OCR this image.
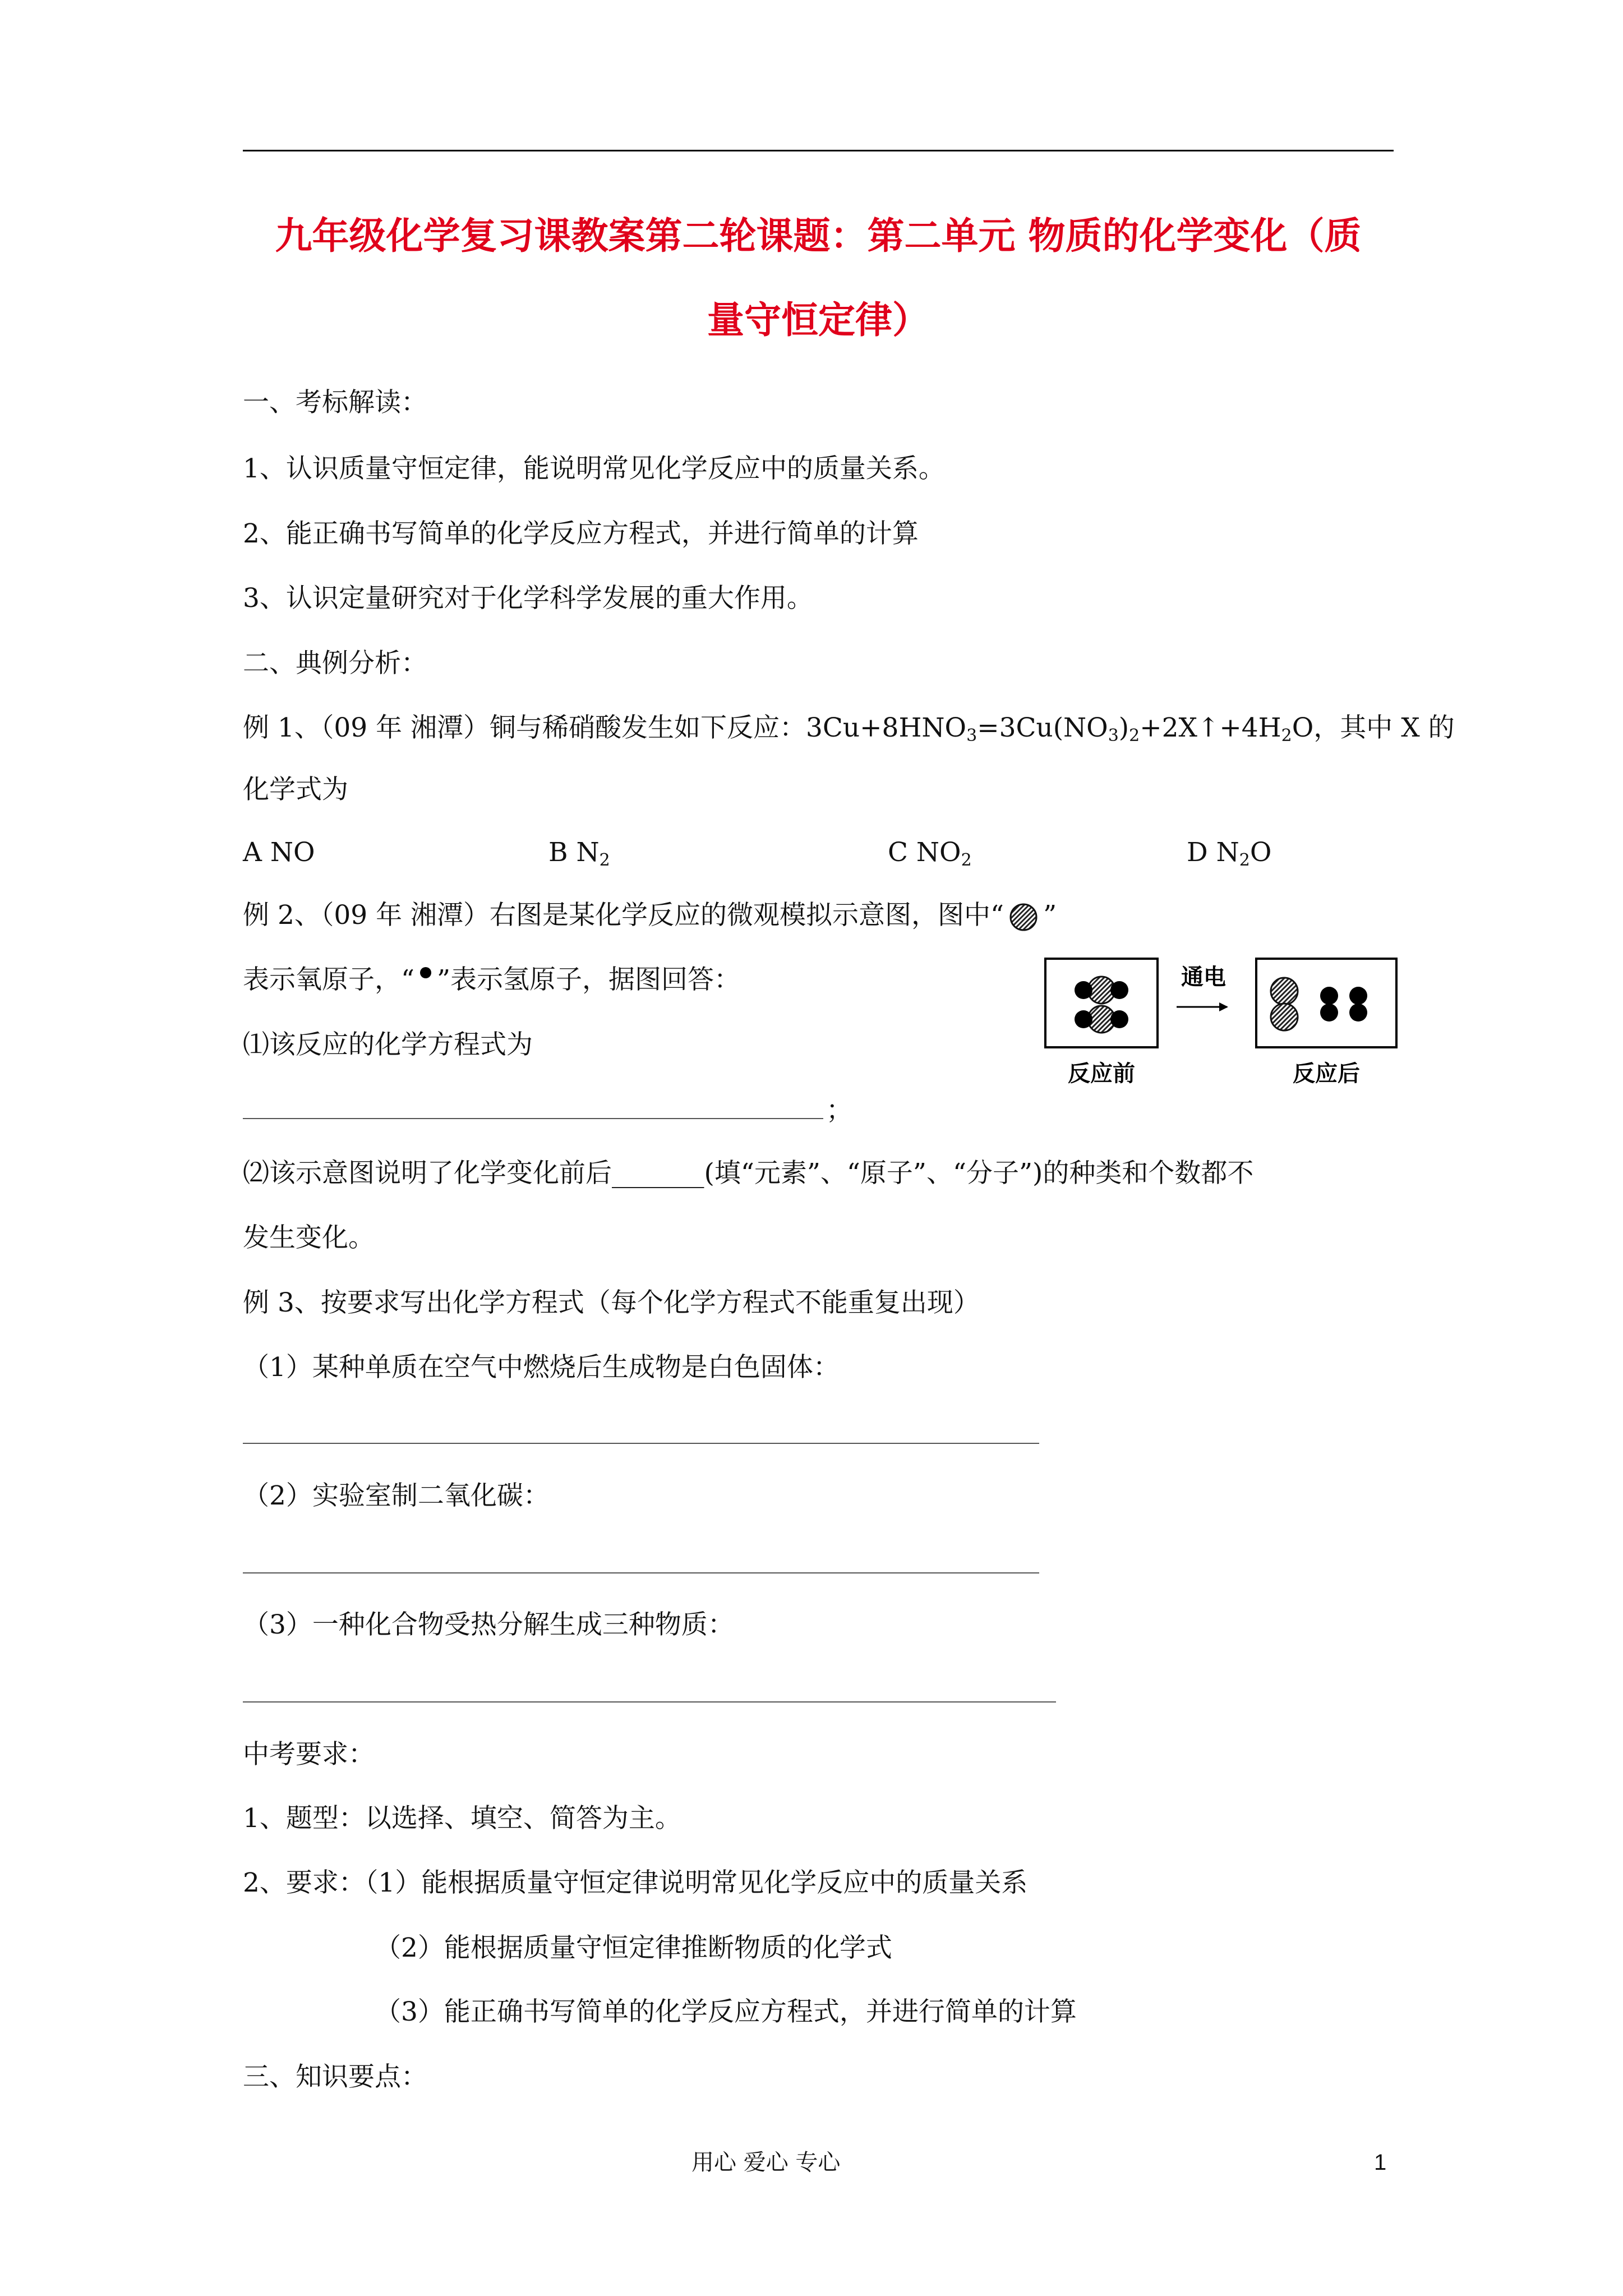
九年级化学复习课教案第二轮课题：第二单元 物质的化学变化（质
量守恒定律）
一、考标解读：
1、认识质量守恒定律，能说明常见化学反应中的质量关系。
2、能正确书写简单的化学反应方程式，并进行简单的计算
3、认识定量研究对于化学科学发展的重大作用。
二、典例分析：
例 1、（09 年 湘潭）铜与稀硝酸发生如下反应：$3Cu+8HNO_3=3Cu(NO_3)_2+2X↑+4H_2O$，其中 X 的
化学式为
A NO	B $N_2$	C $NO_2$	D $N_2O$
例 2、（09 年 湘潭）右图是某化学反应的微观模拟示意图，图中“ ”
表示氧原子，“ ”表示氢原子，据图回答：
⑴该反应的化学方程式为
；
⑵该示意图说明了化学变化前后_______(填“元素”、“原子”、“分子”)的种类和个数都不
发生变化。
通电
反应前	反应后
例 3、按要求写出化学方程式（每个化学方程式不能重复出现）
（1）某种单质在空气中燃烧后生成物是白色固体：
（2）实验室制二氧化碳：
（3）一种化合物受热分解生成三种物质：
中考要求：
1、题型：以选择、填空、简答为主。
2、要求：（1）能根据质量守恒定律说明常见化学反应中的质量关系
（2）能根据质量守恒定律推断物质的化学式
（3）能正确书写简单的化学反应方程式，并进行简单的计算
三、知识要点：
用心 爱心 专心	1
